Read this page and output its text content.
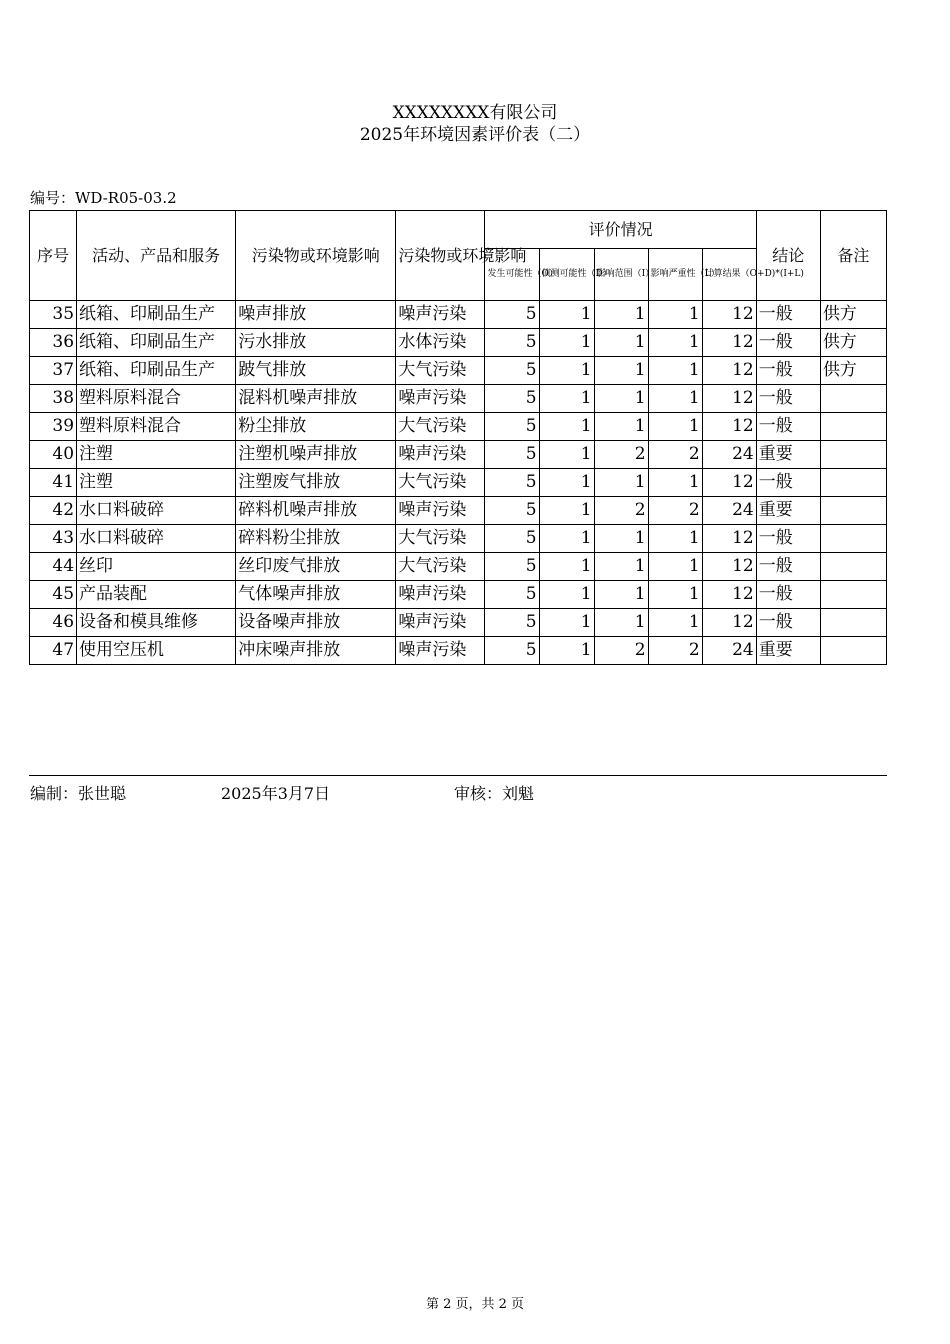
XXXXXXXX有限公司
2025年环境因素评价表（二）
编号：WD-R05-03.2
序号	活动、产品和服务	污染物或环境影响	污染物或环境影响	评价情况					结论	备注
				发生可能性（O）	侦测可能性（D）	影响范围（I）	影响严重性（L）	计算结果（O+D)*(I+L)		
35	纸箱、印刷品生产	噪声排放	噪声污染	5	1	1	1	12	一般	供方
36	纸箱、印刷品生产	污水排放	水体污染	5	1	1	1	12	一般	供方
37	纸箱、印刷品生产	跛气排放	大气污染	5	1	1	1	12	一般	供方
38	塑料原料混合	混料机噪声排放	噪声污染	5	1	1	1	12	一般	
39	塑料原料混合	粉尘排放	大气污染	5	1	1	1	12	一般	
40	注塑	注塑机噪声排放	噪声污染	5	1	2	2	24	重要	
41	注塑	注塑废气排放	大气污染	5	1	1	1	12	一般	
42	水口料破碎	碎料机噪声排放	噪声污染	5	1	2	2	24	重要	
43	水口料破碎	碎料粉尘排放	大气污染	5	1	1	1	12	一般	
44	丝印	丝印废气排放	大气污染	5	1	1	1	12	一般	
45	产品装配	气体噪声排放	噪声污染	5	1	1	1	12	一般	
46	设备和模具维修	设备噪声排放	噪声污染	5	1	1	1	12	一般	
47	使用空压机	冲床噪声排放	噪声污染	5	1	2	2	24	重要	
编制：张世聪	2025年3月7日	审核：刘魁
第 2 页，共 2 页
